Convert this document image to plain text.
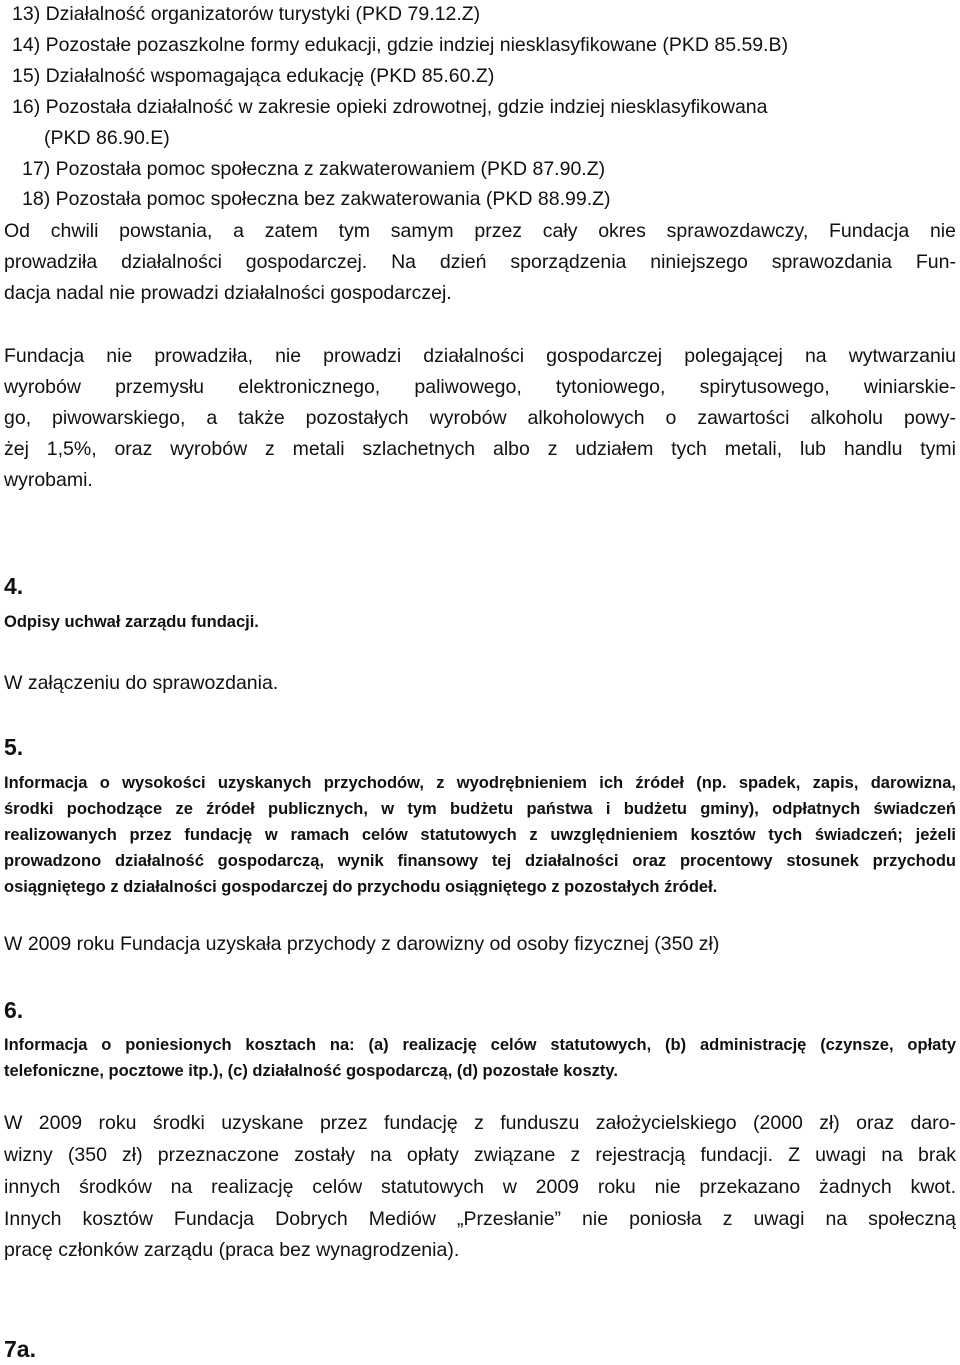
13) Działalność organizatorów turystyki (PKD 79.12.Z)
14) Pozostałe pozaszkolne formy edukacji, gdzie indziej niesklasyfikowane (PKD 85.59.B)
15) Działalność wspomagająca edukację (PKD 85.60.Z)
16) Pozostała działalność w zakresie opieki zdrowotnej, gdzie indziej niesklasyfikowana
(PKD 86.90.E)
17) Pozostała pomoc społeczna z zakwaterowaniem (PKD 87.90.Z)
18) Pozostała pomoc społeczna bez zakwaterowania (PKD 88.99.Z)
Od chwili powstania, a zatem tym samym przez cały okres sprawozdawczy, Fundacja nie
prowadziła działalności gospodarczej. Na dzień sporządzenia niniejszego sprawozdania Fun-
dacja nadal nie prowadzi działalności gospodarczej.
Fundacja nie prowadziła, nie prowadzi działalności gospodarczej polegającej na wytwarzaniu
wyrobów przemysłu elektronicznego, paliwowego, tytoniowego, spirytusowego, winiarskie-
go, piwowarskiego, a także pozostałych wyrobów alkoholowych o zawartości alkoholu powy-
żej 1,5%, oraz wyrobów z metali szlachetnych albo z udziałem tych metali, lub handlu tymi
wyrobami.
4.
Odpisy uchwał zarządu fundacji.
W załączeniu do sprawozdania.
5.
Informacja o wysokości uzyskanych przychodów, z wyodrębnieniem ich źródeł (np. spadek, zapis, darowizna,
środki pochodzące ze źródeł publicznych, w tym budżetu państwa i budżetu gminy), odpłatnych świadczeń
realizowanych przez fundację w ramach celów statutowych z uwzględnieniem kosztów tych świadczeń; jeżeli
prowadzono działalność gospodarczą, wynik finansowy tej działalności oraz procentowy stosunek przychodu
osiągniętego z działalności gospodarczej do przychodu osiągniętego z pozostałych źródeł.
W 2009 roku Fundacja uzyskała przychody z darowizny od osoby fizycznej (350 zł)
6.
Informacja o poniesionych kosztach na: (a) realizację celów statutowych, (b) administrację (czynsze, opłaty
telefoniczne, pocztowe itp.), (c) działalność gospodarczą, (d) pozostałe koszty.
W 2009 roku środki uzyskane przez fundację z funduszu założycielskiego (2000 zł) oraz daro-
wizny (350 zł) przeznaczone zostały na opłaty związane z rejestracją fundacji. Z uwagi na brak
innych środków na realizację celów statutowych w 2009 roku nie przekazano żadnych kwot.
Innych kosztów Fundacja Dobrych Mediów „Przesłanie” nie poniosła z uwagi na społeczną
pracę członków zarządu (praca bez wynagrodzenia).
7a.
